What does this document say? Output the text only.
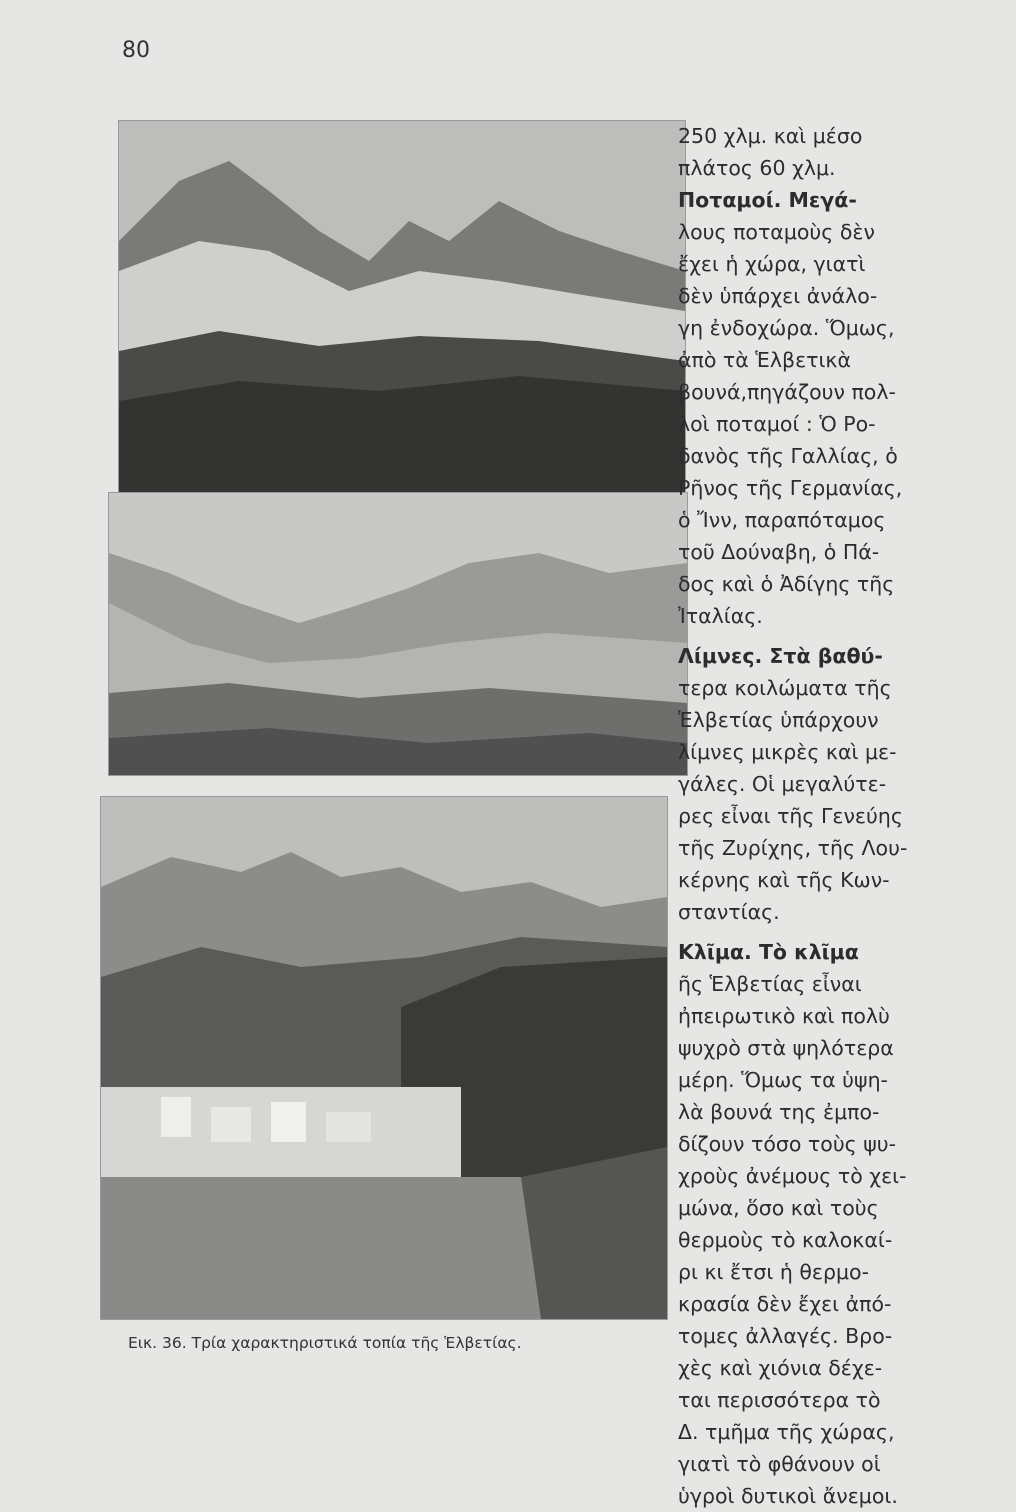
80
Εικ. 36. Τρία χαρακτηριστικά τοπία τῆς Ἑλβετίας.
250 χλμ. καὶ μέσο
πλάτος 60 χλμ.
Ποταμοί. Μεγά-
λους ποταμοὺς δὲν
ἔχει ἡ χώρα, γιατὶ
δὲν ὑπάρχει ἀνάλο-
γη ἐνδοχώρα. Ὅμως,
ἀπὸ τὰ Ἑλβετικὰ
βουνά,πηγάζουν πολ-
λοὶ ποταμοί : Ὁ Ρο-
δανὸς τῆς Γαλλίας, ὁ
Ρῆνος τῆς Γερμανίας,
ὁ Ἴνν, παραπόταμος
τοῦ Δούναβη, ὁ Πά-
δος καὶ ὁ Ἀδίγης τῆς
Ἰταλίας.
Λίμνες. Στὰ βαθύ-
τερα κοιλώματα τῆς
Ἑλβετίας ὑπάρχουν
λίμνες μικρὲς καὶ με-
γάλες. Οἱ μεγαλύτε-
ρες εἶναι τῆς Γενεύης
τῆς Ζυρίχης, τῆς Λου-
κέρνης καὶ τῆς Κων-
σταντίας.
Κλῖμα. Τὸ κλῖμα
ῆς Ἑλβετίας εἶναι
ἠπειρωτικὸ καὶ πολὺ
ψυχρὸ στὰ ψηλότερα
μέρη. Ὅμως τα ὑψη-
λὰ βουνά της ἐμπο-
δίζουν τόσο τοὺς ψυ-
χροὺς ἀνέμους τὸ χει-
μώνα, ὅσο καὶ τοὺς
θερμοὺς τὸ καλοκαί-
ρι κι ἔτσι ἡ θερμο-
κρασία δὲν ἔχει ἀπό-
τομες ἀλλαγές. Βρο-
χὲς καὶ χιόνια δέχε-
ται περισσότερα τὸ
Δ. τμῆμα τῆς χώρας,
γιατὶ τὸ φθάνουν οἱ
ὑγροὶ δυτικοὶ ἄνεμοι.
